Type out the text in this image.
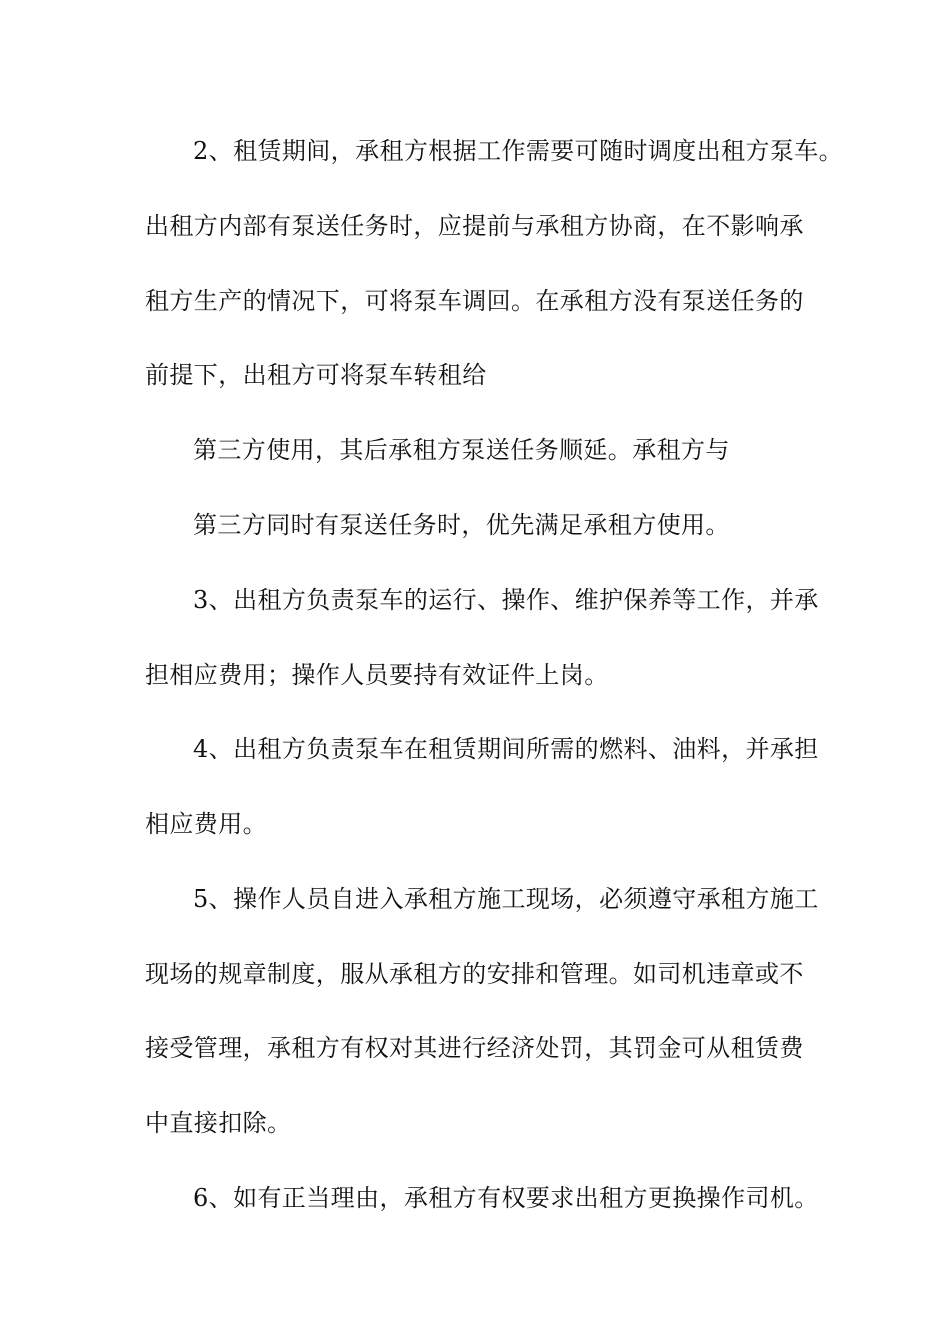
2、租赁期间，承租方根据工作需要可随时调度出租方泵车。
出租方内部有泵送任务时，应提前与承租方协商，在不影响承
租方生产的情况下，可将泵车调回。在承租方没有泵送任务的
前提下，出租方可将泵车转租给
第三方使用，其后承租方泵送任务顺延。承租方与
第三方同时有泵送任务时，优先满足承租方使用。
3、出租方负责泵车的运行、操作、维护保养等工作，并承
担相应费用；操作人员要持有效证件上岗。
4、出租方负责泵车在租赁期间所需的燃料、油料，并承担
相应费用。
5、操作人员自进入承租方施工现场，必须遵守承租方施工
现场的规章制度，服从承租方的安排和管理。如司机违章或不
接受管理，承租方有权对其进行经济处罚，其罚金可从租赁费
中直接扣除。
6、如有正当理由，承租方有权要求出租方更换操作司机。
